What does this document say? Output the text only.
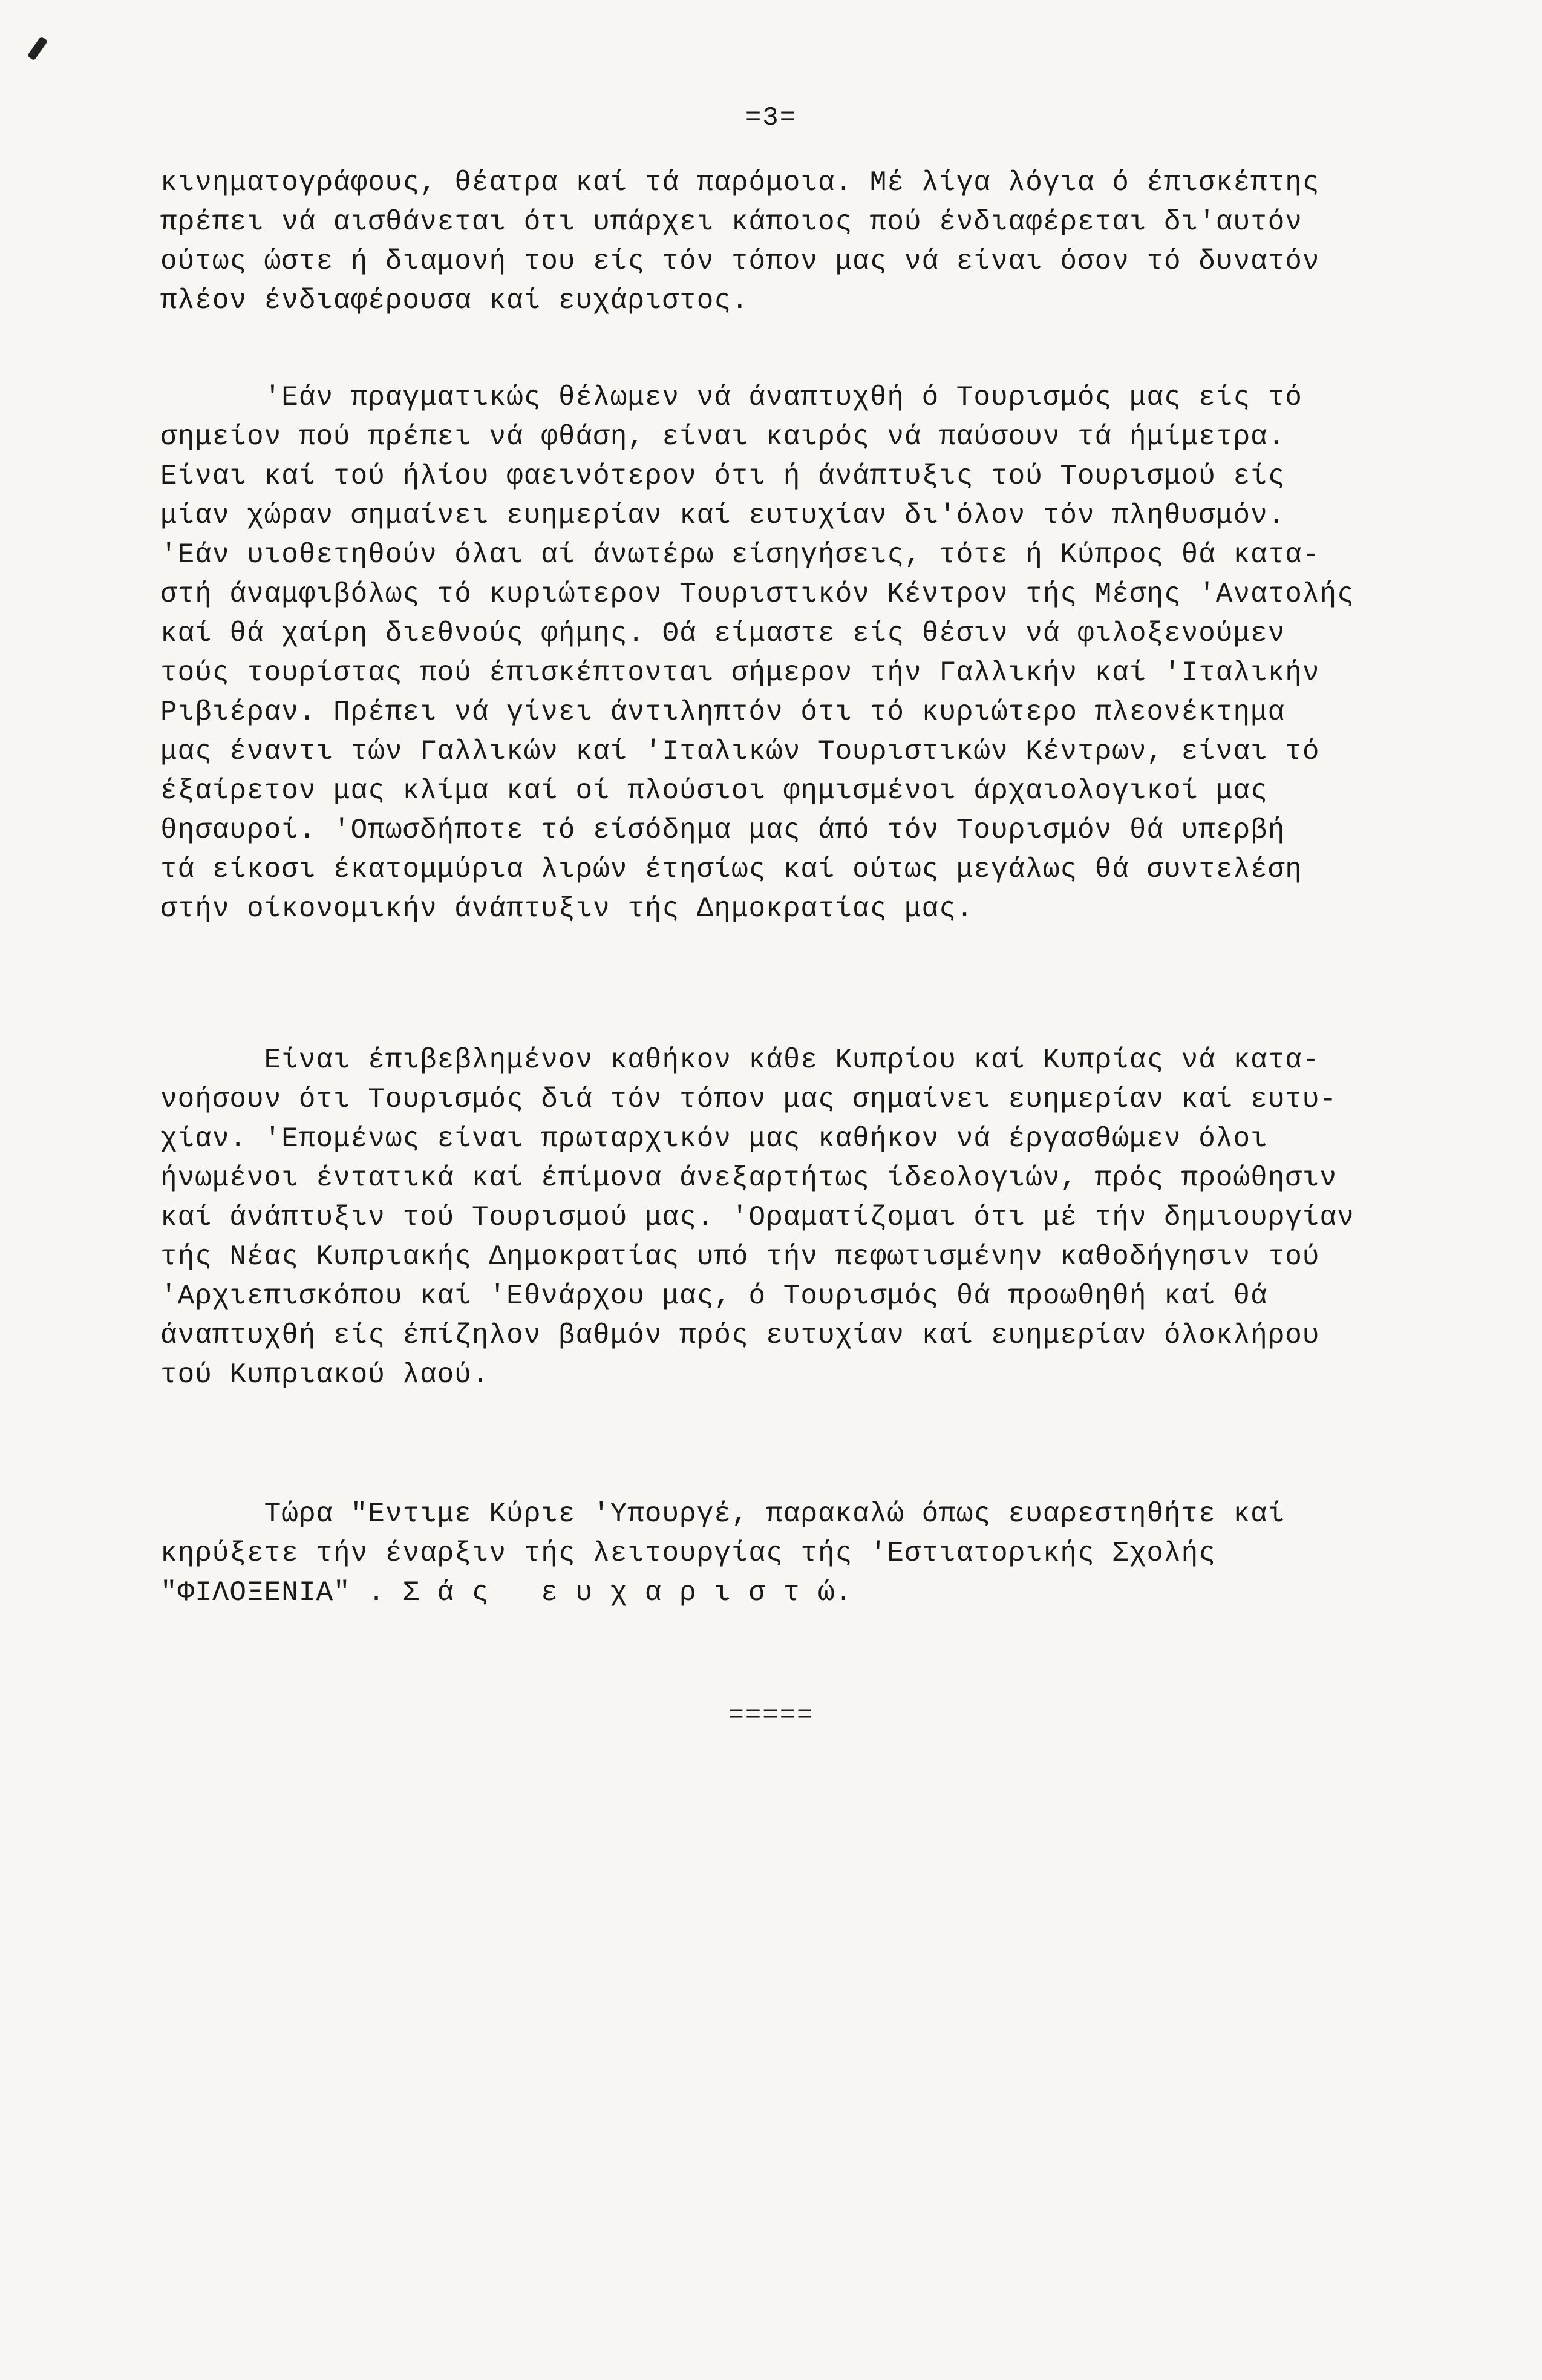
=3=
κινηματογράφους, θέατρα καί τά παρόμοια. Μέ λίγα λόγια ό έπισκέπτης
πρέπει νά αισθάνεται ότι υπάρχει κάποιος πού ένδιαφέρεται δι'αυτόν
ούτως ώστε ή διαμονή του είς τόν τόπον μας νά είναι όσον τό δυνατόν
πλέον ένδιαφέρουσα καί ευχάριστος.
'Εάν πραγματικώς θέλωμεν νά άναπτυχθή ό Τουρισμός μας είς τό
σημείον πού πρέπει νά φθάση, είναι καιρός νά παύσουν τά ήμίμετρα.
Είναι καί τού ήλίου φαεινότερον ότι ή άνάπτυξις τού Τουρισμού είς
μίαν χώραν σημαίνει ευημερίαν καί ευτυχίαν δι'όλον τόν πληθυσμόν.
'Εάν υιοθετηθούν όλαι αί άνωτέρω είσηγήσεις, τότε ή Κύπρος θά κατα-
στή άναμφιβόλως τό κυριώτερον Τουριστικόν Κέντρον τής Μέσης 'Ανατολής
καί θά χαίρη διεθνούς φήμης. Θά είμαστε είς θέσιν νά φιλοξενούμεν
τούς τουρίστας πού έπισκέπτονται σήμερον τήν Γαλλικήν καί 'Ιταλικήν
Ριβιέραν. Πρέπει νά γίνει άντιληπτόν ότι τό κυριώτερο πλεονέκτημα
μας έναντι τών Γαλλικών καί 'Ιταλικών Τουριστικών Κέντρων, είναι τό
έξαίρετον μας κλίμα καί οί πλούσιοι φημισμένοι άρχαιολογικοί μας
θησαυροί. 'Οπωσδήποτε τό είσόδημα μας άπό τόν Τουρισμόν θά υπερβή
τά είκοσι έκατομμύρια λιρών έτησίως καί ούτως μεγάλως θά συντελέση
στήν οίκονομικήν άνάπτυξιν τής Δημοκρατίας μας.
Είναι έπιβεβλημένον καθήκον κάθε Κυπρίου καί Κυπρίας νά κατα-
νοήσουν ότι Τουρισμός διά τόν τόπον μας σημαίνει ευημερίαν καί ευτυ-
χίαν. 'Επομένως είναι πρωταρχικόν μας καθήκον νά έργασθώμεν όλοι
ήνωμένοι έντατικά καί έπίμονα άνεξαρτήτως ίδεολογιών, πρός προώθησιν
καί άνάπτυξιν τού Τουρισμού μας. 'Οραματίζομαι ότι μέ τήν δημιουργίαν
τής Νέας Κυπριακής Δημοκρατίας υπό τήν πεφωτισμένην καθοδήγησιν τού
'Αρχιεπισκόπου καί 'Εθνάρχου μας, ό Τουρισμός θά προωθηθή καί θά
άναπτυχθή είς έπίζηλον βαθμόν πρός ευτυχίαν καί ευημερίαν όλοκλήρου
τού Κυπριακού λαού.
Τώρα "Εντιμε Κύριε 'Υπουργέ, παρακαλώ όπως ευαρεστηθήτε καί
κηρύξετε τήν έναρξιν τής λειτουργίας τής 'Εστιατορικής Σχολής
"ΦΙΛΟΞΕΝΙΑ" . Σ ά ς   ε υ χ α ρ ι σ τ ώ.
=====
